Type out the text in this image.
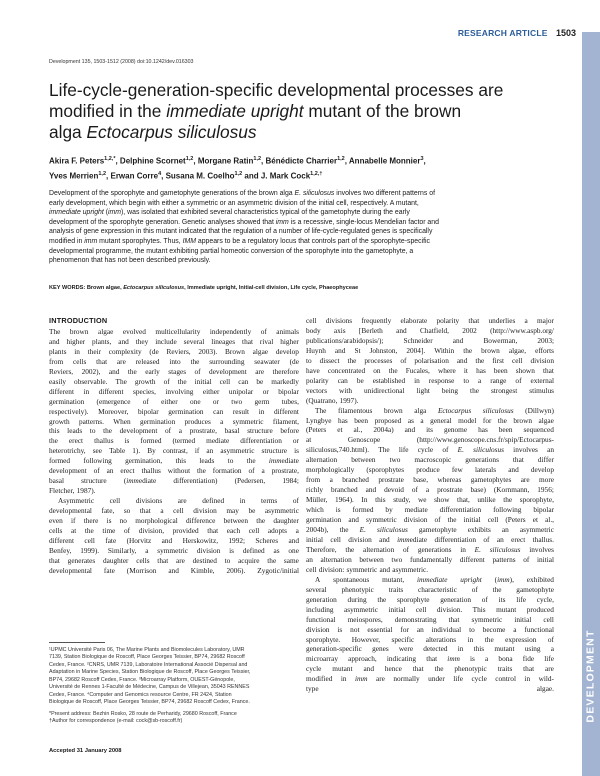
RESEARCH ARTICLE 1503
Development 135, 1503-1512 (2008) doi:10.1242/dev.016303
Life-cycle-generation-specific developmental processes are
modified in the immediate upright mutant of the brown
alga Ectocarpus siliculosus
Akira F. Peters$^{1,2,*}$, Delphine Scornet$^{1,2}$, Morgane Ratin$^{1,2}$, Bénédicte Charrier$^{1,2}$, Annabelle Monnier$^3$,
Yves Merrien$^{1,2}$, Erwan Corre$^4$, Susana M. Coelho$^{1,2}$ and J. Mark Cock$^{1,2,\dagger}$
Development of the sporophyte and gametophyte generations of the brown alga E. siliculosus involves two different patterns of
early development, which begin with either a symmetric or an asymmetric division of the initial cell, respectively. A mutant,
immediate upright (imm), was isolated that exhibited several characteristics typical of the gametophyte during the early
development of the sporophyte generation. Genetic analyses showed that imm is a recessive, single-locus Mendelian factor and
analysis of gene expression in this mutant indicated that the regulation of a number of life-cycle-regulated genes is specifically
modified in imm mutant sporophytes. Thus, IMM appears to be a regulatory locus that controls part of the sporophyte-specific
developmental programme, the mutant exhibiting partial homeotic conversion of the sporophyte into the gametophyte, a
phenomenon that has not been described previously.
KEY WORDS: Brown algae, Ectocarpus siliculosus, Immediate upright, Initial-cell division, Life cycle, Phaeophyceae
INTRODUCTION
The brown algae evolved multicellularity independently of animals
and higher plants, and they include several lineages that rival higher
plants in their complexity (de Reviers, 2003). Brown algae develop
from cells that are released into the surrounding seawater (de
Reviers, 2002), and the early stages of development are therefore
easily observable. The growth of the initial cell can be markedly
different in different species, involving either unipolar or bipolar
germination (emergence of either one or two germ tubes,
respectively). Moreover, bipolar germination can result in different
growth patterns. When germination produces a symmetric filament,
this leads to the development of a prostrate, basal structure before
the erect thallus is formed (termed mediate differentiation or
heterotrichy, see Table 1). By contrast, if an asymmetric structure is
formed following germination, this leads to the immediate
development of an erect thallus without the formation of a prostrate,
basal structure (immediate differentiation) (Pedersen, 1984;
Fletcher, 1987).
Asymmetric cell divisions are defined in terms of
developmental fate, so that a cell division may be asymmetric
even if there is no morphological difference between the daughter
cells at the time of division, provided that each cell adopts a
different cell fate (Horvitz and Herskowitz, 1992; Scheres and
Benfey, 1999). Similarly, a symmetric division is defined as one
that generates daughter cells that are destined to acquire the same
developmental fate (Morrison and Kimble, 2006). Zygotic/initial
cell divisions frequently elaborate polarity that underlies a major
body axis [Berleth and Chatfield, 2002 (http://www.aspb.org/
publications/arabidopsis/);	Schneider	and	Bowerman,	2003;
Huynh and St Johnston, 2004]. Within the brown algae, efforts
to dissect the processes of polarisation and the first cell division
have concentrated on the Fucales, where it has been shown that
polarity can be established in response to a range of external
vectors with unidirectional light being the strongest stimulus
(Quatrano, 1997).
The filamentous brown alga Ectocarpus siliculosus (Dillwyn)
Lyngbye has been proposed as a general model for the brown algae
(Peters et al., 2004a) and its genome has been sequenced
at	Genoscope	(http://www.genoscope.cns.fr/spip/Ectocarpus-
siliculosus,740.html). The life cycle of E. siliculosus involves an
alternation between two macroscopic generations that differ
morphologically (sporophytes produce few laterals and develop
from a branched prostrate base, whereas gametophytes are more
richly branched and devoid of a prostrate base) (Kornmann, 1956;
Müller, 1964). In this study, we show that, unlike the sporophyte,
which is formed by mediate differentiation following bipolar
germination and symmetric division of the initial cell (Peters et al.,
2004b), the E. siliculosus gametophyte exhibits an asymmetric
initial cell division and immediate differentiation of an erect thallus.
Therefore, the alternation of generations in E. siliculosus involves
an alternation between two fundamentally different patterns of initial
cell division: symmetric and asymmetric.
A spontaneous mutant, immediate upright (imm), exhibited
several phenotypic traits characteristic of the gametophyte
generation during the sporophyte generation of its life cycle,
including asymmetric initial cell division. This mutant produced
functional meiospores, demonstrating that symmetric initial cell
division is not essential for an individual to become a functional
sporophyte. However, specific alterations in the expression of
generation-specific genes were detected in this mutant using a
microarray approach, indicating that imm is a bona fide life
cycle mutant and hence that the phenotypic traits that are
modified in imm are normally under life cycle control in wild-
type	algae.
¹UPMC Université Paris 06, The Marine Plants and Biomolecules Laboratory, UMR
7139, Station Biologique de Roscoff, Place Georges Teissier, BP74, 29682 Roscoff
Cedex, France. ²CNRS, UMR 7139, Laboratoire International Associé Dispersal and
Adaptation in Marine Species, Station Biologique de Roscoff, Place Georges Teissier,
BP74, 29682 Roscoff Cedex, France. ³Microarray Platform, OUEST-Génopole,
Université de Rennes 1-Faculté de Médecine, Campus de Villejean, 35043 RENNES
Cedex, France. ⁴Computer and Genomics resource Centre, FR 2424, Station
Biologique de Roscoff, Place Georges Teissier, BP74, 29682 Roscoff Cedex, France.
*Present address: Bezhin Rosko, 28 route de Perharidy, 29680 Roscoff, France
†Author for correspondence (e-mail: cock@sb-roscoff.fr)
Accepted 31 January 2008
DEVELOPMENT
